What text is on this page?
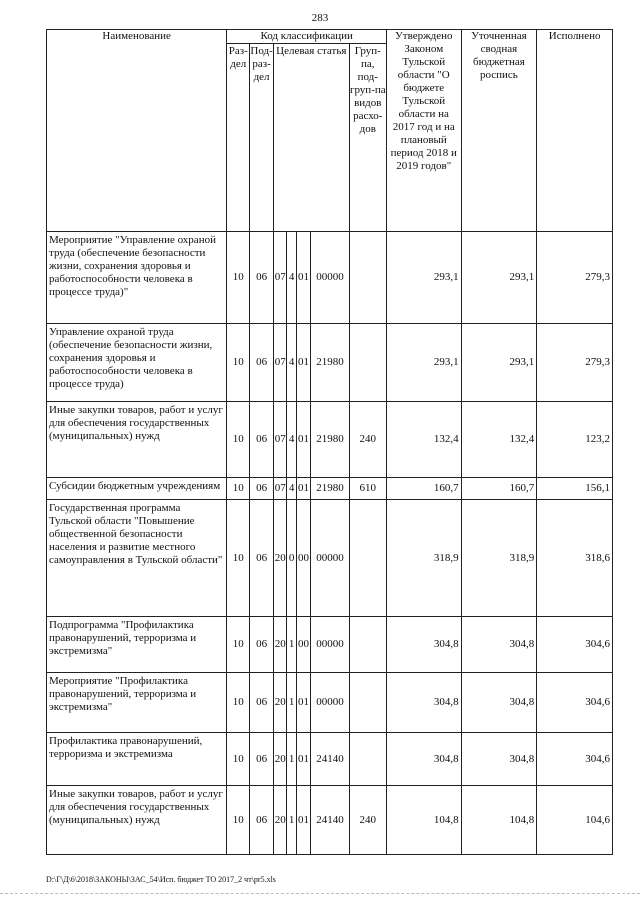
283
Наименование	Код классификации							Утверждено Законом Тульской области "О бюджете Тульской области на 2017 год и на плановый период 2018 и 2019 годов"	Уточненная сводная бюджетная роспись	Исполнено
	Раз-дел	Под-раз-дел	Целевая статья				Груп-па, под-груп-па видов расхо-дов			
Мероприятие "Управление охраной труда (обеспечение безопасности жизни, сохранения здоровья и работоспособности человека в процессе труда)"	10	06	07	4	01	00000		293,1	293,1	279,3
Управление охраной труда (обеспечение безопасности жизни, сохранения здоровья и работоспособности человека в процессе труда)	10	06	07	4	01	21980		293,1	293,1	279,3
Иные закупки товаров, работ и услуг для обеспечения государственных (муниципальных) нужд	10	06	07	4	01	21980	240	132,4	132,4	123,2
Субсидии бюджетным учреждениям	10	06	07	4	01	21980	610	160,7	160,7	156,1
Государственная программа Тульской области "Повышение общественной безопасности населения и развитие местного самоуправления в Тульской области"	10	06	20	0	00	00000		318,9	318,9	318,6
Подпрограмма "Профилактика правонарушений, терроризма и экстремизма"	10	06	20	1	00	00000		304,8	304,8	304,6
Мероприятие "Профилактика правонарушений, терроризма и экстремизма"	10	06	20	1	01	00000		304,8	304,8	304,6
Профилактика правонарушений, терроризма и экстремизма	10	06	20	1	01	24140		304,8	304,8	304,6
Иные закупки товаров, работ и услуг для обеспечения государственных (муниципальных) нужд	10	06	20	1	01	24140	240	104,8	104,8	104,6
D:\Г\Д\6\2018\ЗАКОНЫ\ЗАС_54\Исп. бюджет ТО 2017_2 чт\pr5.xls
